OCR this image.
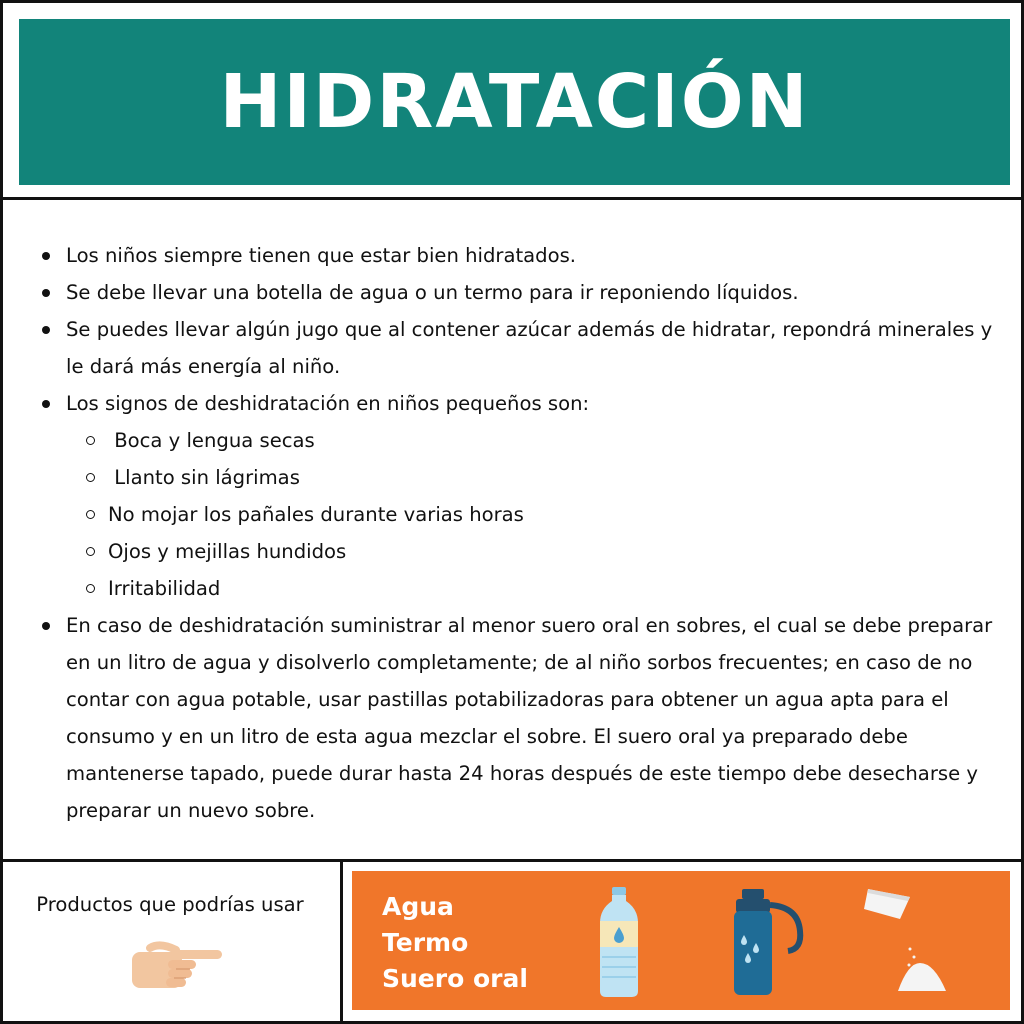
HIDRATACIÓN
Los niños siempre tienen que estar bien hidratados.
Se debe llevar una botella de agua o un termo para ir reponiendo líquidos.
Se puedes llevar algún jugo que al contener azúcar además de hidratar, repondrá minerales y le dará más energía al niño.
Los signos de deshidratación en niños pequeños son:
Boca y lengua secas
Llanto sin lágrimas
No mojar los pañales durante varias horas
Ojos y mejillas hundidos
Irritabilidad
En caso de deshidratación suministrar al menor suero oral en sobres, el cual se debe preparar en un litro de agua y disolverlo completamente; de al niño sorbos frecuentes; en caso de no contar con agua potable, usar pastillas potabilizadoras para obtener un agua apta para el consumo y en un litro de esta agua mezclar el sobre. El suero oral ya preparado debe mantenerse tapado, puede durar hasta 24 horas después de este tiempo debe desecharse y preparar un nuevo sobre.
Productos que podrías usar	Agua
Termo
Suero oral
